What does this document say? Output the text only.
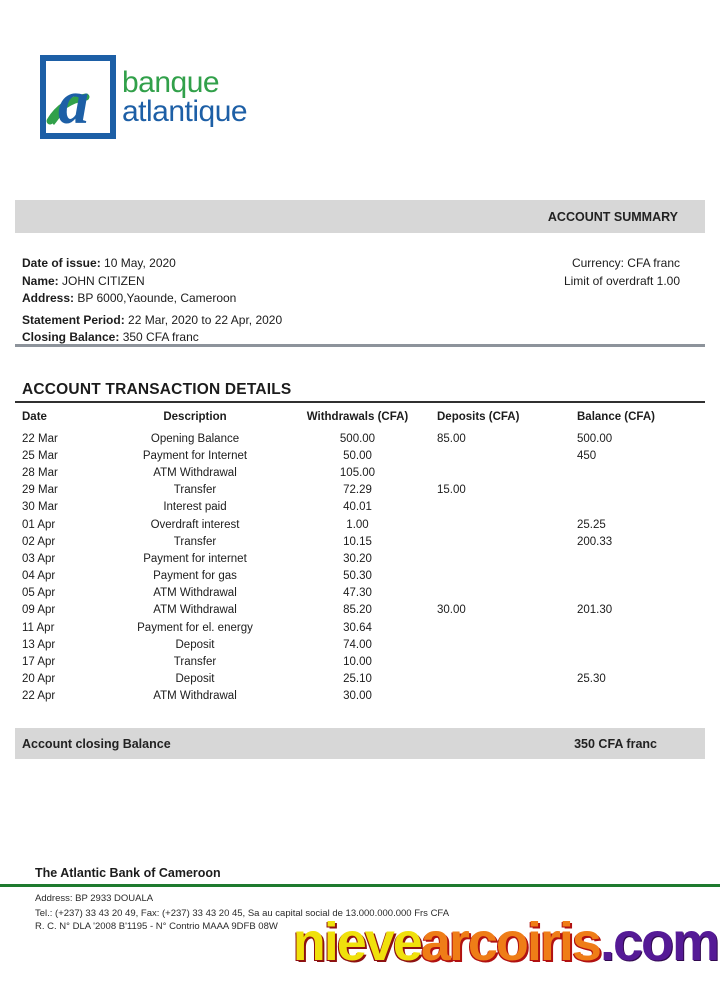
a banque
atlantique
ACCOUNT SUMMARY
Date of issue: 10 May, 2020
Name: JOHN CITIZEN
Address: BP 6000,Yaounde, Cameroon
Statement Period: 22 Mar, 2020 to 22 Apr, 2020
Closing Balance: 350 CFA franc
Currency: CFA franc
Limit of overdraft 1.00
ACCOUNT TRANSACTION DETAILS
Date	Description	Withdrawals (CFA)	Deposits (CFA)	Balance (CFA)
22 Mar	Opening Balance	500.00	85.00	500.00
25 Mar	Payment for Internet	50.00		450
28 Mar	ATM Withdrawal	105.00		
29 Mar	Transfer	72.29	15.00	
30 Mar	Interest paid	40.01		
01 Apr	Overdraft interest	1.00		25.25
02 Apr	Transfer	10.15		200.33
03 Apr	Payment for internet	30.20		
04 Apr	Payment for gas	50.30		
05 Apr	ATM Withdrawal	47.30		
09 Apr	ATM Withdrawal	85.20	30.00	201.30
11 Apr	Payment for el. energy	30.64		
13 Apr	Deposit	74.00		
17 Apr	Transfer	10.00		
20 Apr	Deposit	25.10		25.30
22 Apr	ATM Withdrawal	30.00		
Account closing Balance	350 CFA franc
The Atlantic Bank of Cameroon
Address: BP 2933 DOUALA
Tel.: (+237) 33 43 20 49, Fax: (+237) 33 43 20 45, Sa au capital social de 13.000.000.000 Frs CFA
R. C. N° DLA '2008 B'1195 - N° Contrio MAAA 9DFB 08W nievearcoiris.com
